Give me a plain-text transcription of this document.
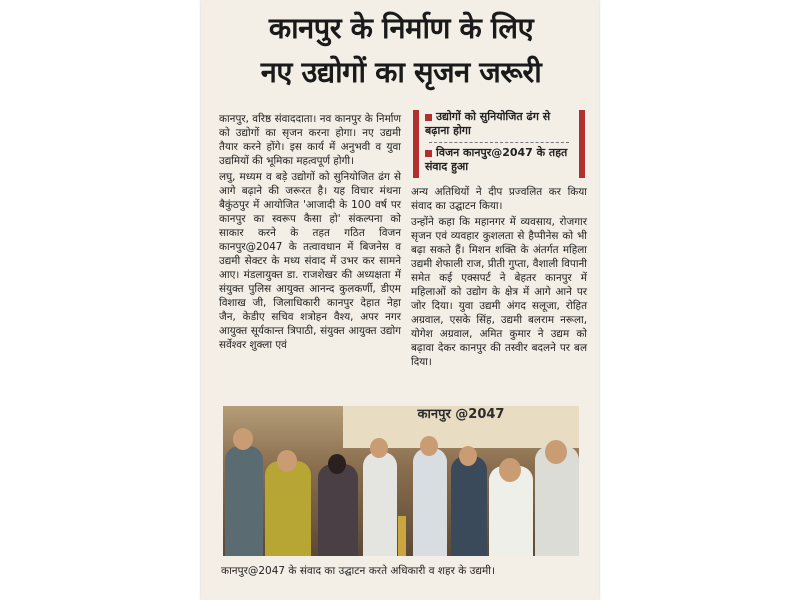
कानपुर के निर्माण के लिए
नए उद्योगों का सृजन जरूरी

कानपुर, वरिष्ठ संवाददाता। नव कानपुर के निर्माण को उद्योगों का सृजन करना होगा। नए उद्यमी तैयार करने होंगे। इस कार्य में अनुभवी व युवा उद्यमियों की भूमिका महत्वपूर्ण होगी।

लघु, मध्यम व बड़े उद्योगों को सुनियोजित ढंग से आगे बढ़ाने की जरूरत है। यह विचार मंथना बैकुंठपुर में आयोजित 'आजादी के 100 वर्ष पर कानपुर का स्वरूप कैसा हो' संकल्पना को साकार करने के तहत गठित विजन कानपुर@2047 के तत्वावधान में बिजनेस व उद्यमी सेक्टर के मध्य संवाद में उभर कर सामने आए। मंडलायुक्त डा. राजशेखर की अध्यक्षता में संयुक्त पुलिस आयुक्त आनन्द कुलकर्णी, डीएम विशाख जी, जिलाधिकारी कानपुर देहात नेहा जैन, केडीए सचिव शत्रोहन वैश्य, अपर नगर आयुक्त सूर्यकान्त त्रिपाठी, संयुक्त आयुक्त उद्योग सर्वेश्वर शुक्ला एवं

उद्योगों को सुनियोजित ढंग से बढ़ाना होगा
विजन कानपुर@2047 के तहत संवाद हुआ

अन्य अतिथियों ने दीप प्रज्वलित कर किया संवाद का उद्घाटन किया।

उन्होंने कहा कि महानगर में व्यवसाय, रोजगार सृजन एवं व्यवहार कुशलता से हैप्पीनेस को भी बढ़ा सकते हैं। मिशन शक्ति के अंतर्गत महिला उद्यमी शेफाली राज, प्रीती गुप्ता, वैशाली विपानी समेत कई एक्सपर्ट ने बेहतर कानपुर में महिलाओं को उद्योग के क्षेत्र में आगे आने पर जोर दिया। युवा उद्यमी अंगद सलूजा, रोहित अग्रवाल, एसके सिंह, उद्यमी बलराम नरूला, योगेश अग्रवाल, अमित कुमार ने उद्यम को बढ़ावा देकर कानपुर की तस्वीर बदलने पर बल दिया।

कानपुर @2047
कानपुर@2047 के संवाद का उद्घाटन करते अधिकारी व शहर के उद्यमी।
